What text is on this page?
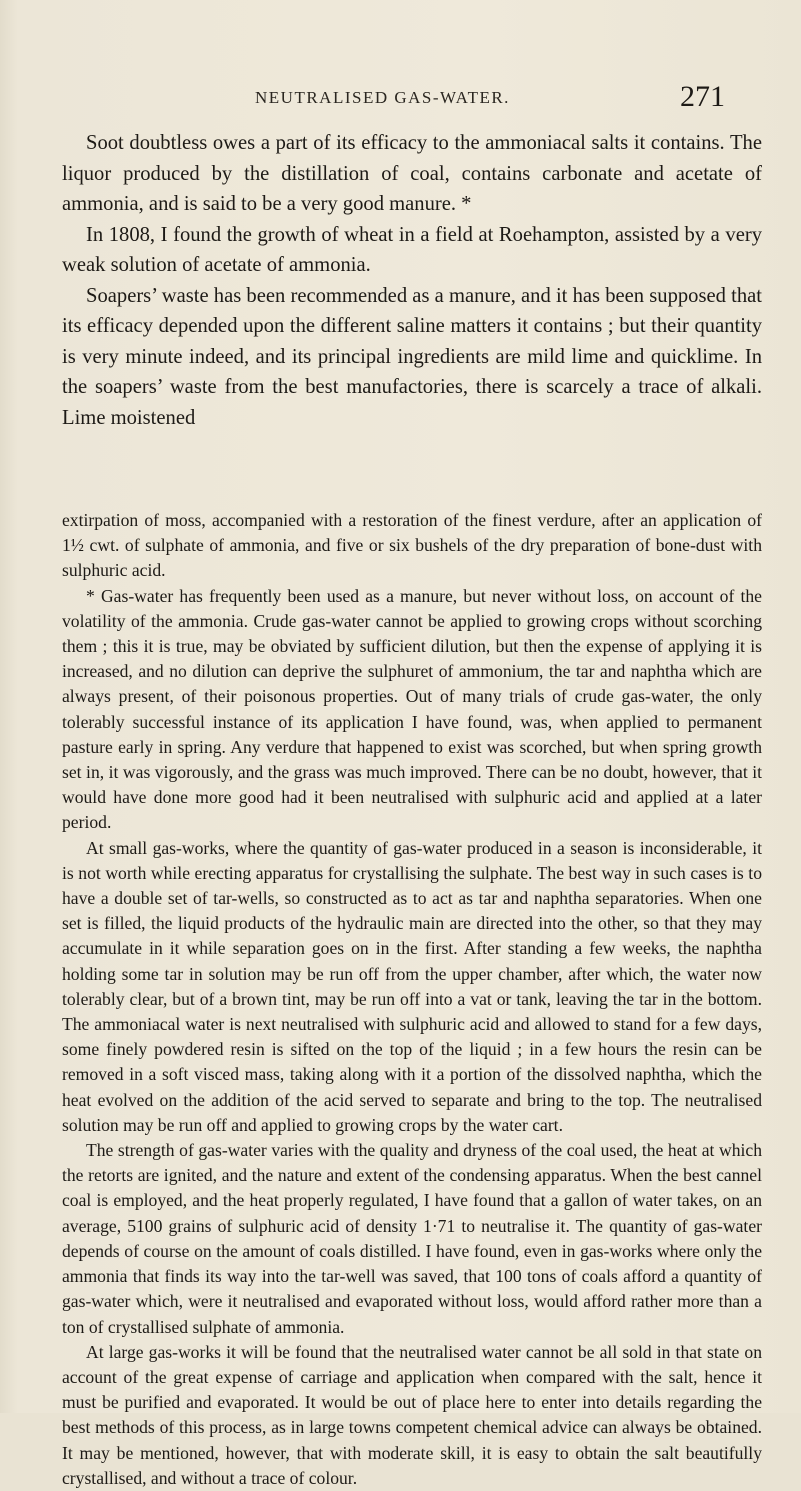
NEUTRALISED GAS-WATER.	271

Soot doubtless owes a part of its efficacy to the ammoniacal salts it contains. The liquor produced by the distillation of coal, contains carbonate and acetate of ammonia, and is said to be a very good manure. *

In 1808, I found the growth of wheat in a field at Roehampton, assisted by a very weak solution of acetate of ammonia.

Soapers’ waste has been recommended as a manure, and it has been supposed that its efficacy depended upon the different saline matters it contains ; but their quantity is very minute indeed, and its principal ingredients are mild lime and quicklime. In the soapers’ waste from the best manufactories, there is scarcely a trace of alkali. Lime moistened

extirpation of moss, accompanied with a restoration of the finest verdure, after an application of 1½ cwt. of sulphate of ammonia, and five or six bushels of the dry preparation of bone-dust with sulphuric acid.

* Gas-water has frequently been used as a manure, but never without loss, on account of the volatility of the ammonia. Crude gas-water cannot be applied to growing crops without scorching them ; this it is true, may be obviated by sufficient dilution, but then the expense of applying it is increased, and no dilution can deprive the sulphuret of ammonium, the tar and naphtha which are always present, of their poisonous properties. Out of many trials of crude gas-water, the only tolerably successful instance of its application I have found, was, when applied to permanent pasture early in spring. Any verdure that happened to exist was scorched, but when spring growth set in, it was vigorously, and the grass was much improved. There can be no doubt, however, that it would have done more good had it been neutralised with sulphuric acid and applied at a later period.

At small gas-works, where the quantity of gas-water produced in a season is inconsiderable, it is not worth while erecting apparatus for crystallising the sulphate. The best way in such cases is to have a double set of tar-wells, so constructed as to act as tar and naphtha separatories. When one set is filled, the liquid products of the hydraulic main are directed into the other, so that they may accumulate in it while separation goes on in the first. After standing a few weeks, the naphtha holding some tar in solution may be run off from the upper chamber, after which, the water now tolerably clear, but of a brown tint, may be run off into a vat or tank, leaving the tar in the bottom. The ammoniacal water is next neutralised with sulphuric acid and allowed to stand for a few days, some finely powdered resin is sifted on the top of the liquid ; in a few hours the resin can be removed in a soft visced mass, taking along with it a portion of the dissolved naphtha, which the heat evolved on the addition of the acid served to separate and bring to the top. The neutralised solution may be run off and applied to growing crops by the water cart.

The strength of gas-water varies with the quality and dryness of the coal used, the heat at which the retorts are ignited, and the nature and extent of the condensing apparatus. When the best cannel coal is employed, and the heat properly regulated, I have found that a gallon of water takes, on an average, 5100 grains of sulphuric acid of density 1·71 to neutralise it. The quantity of gas-water depends of course on the amount of coals distilled. I have found, even in gas-works where only the ammonia that finds its way into the tar-well was saved, that 100 tons of coals afford a quantity of gas-water which, were it neutralised and evaporated without loss, would afford rather more than a ton of crystallised sulphate of ammonia.

At large gas-works it will be found that the neutralised water cannot be all sold in that state on account of the great expense of carriage and application when compared with the salt, hence it must be purified and evaporated. It would be out of place here to enter into details regarding the best methods of this process, as in large towns competent chemical advice can always be obtained. It may be mentioned, however, that with moderate skill, it is easy to obtain the salt beautifully crystallised, and without a trace of colour.
